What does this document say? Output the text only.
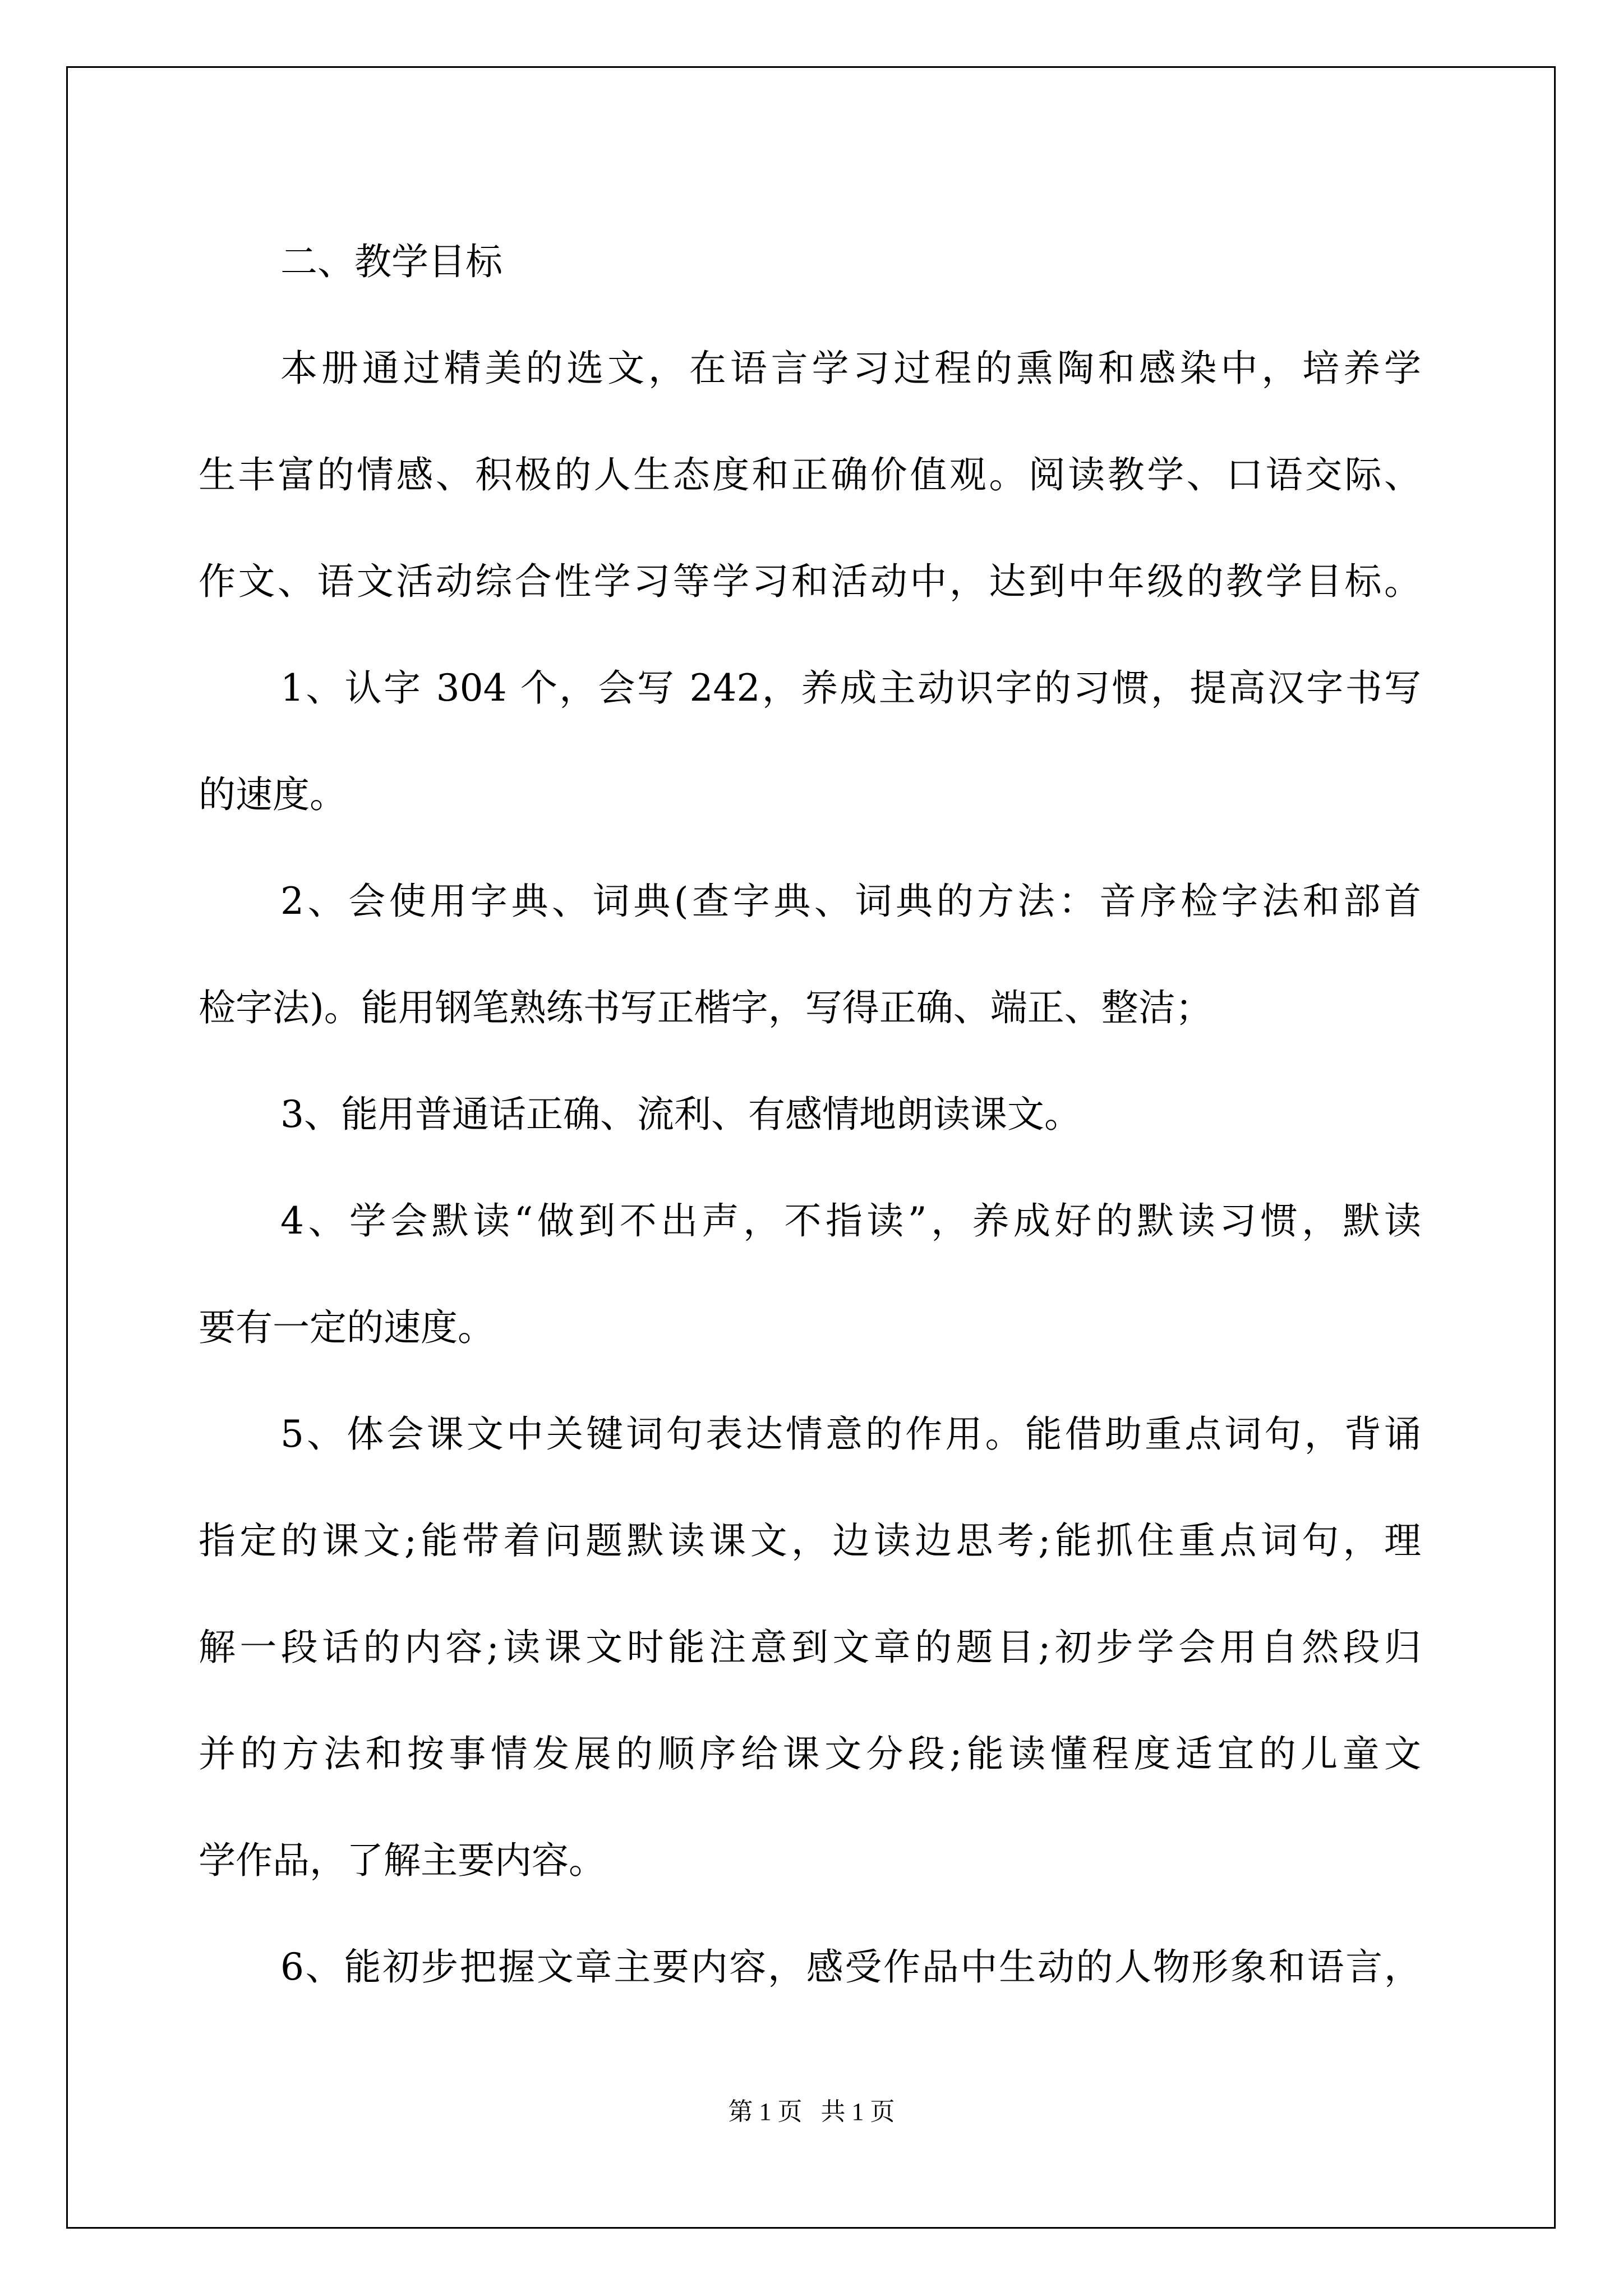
二、教学目标
本册通过精美的选文，在语言学习过程的熏陶和感染中，培养学
生丰富的情感、积极的人生态度和正确价值观。阅读教学、口语交际、
作文、语文活动综合性学习等学习和活动中，达到中年级的教学目标。
1、认字 304 个，会写 242，养成主动识字的习惯，提高汉字书写
的速度。
2、会使用字典、词典(查字典、词典的方法：音序检字法和部首
检字法)。能用钢笔熟练书写正楷字，写得正确、端正、整洁；
3、能用普通话正确、流利、有感情地朗读课文。
4、学会默读“做到不出声，不指读”，养成好的默读习惯，默读
要有一定的速度。
5、体会课文中关键词句表达情意的作用。能借助重点词句，背诵
指定的课文;能带着问题默读课文，边读边思考;能抓住重点词句，理
解一段话的内容;读课文时能注意到文章的题目;初步学会用自然段归
并的方法和按事情发展的顺序给课文分段;能读懂程度适宜的儿童文
学作品，了解主要内容。
6、能初步把握文章主要内容，感受作品中生动的人物形象和语言，
第 1 页 共 1 页
